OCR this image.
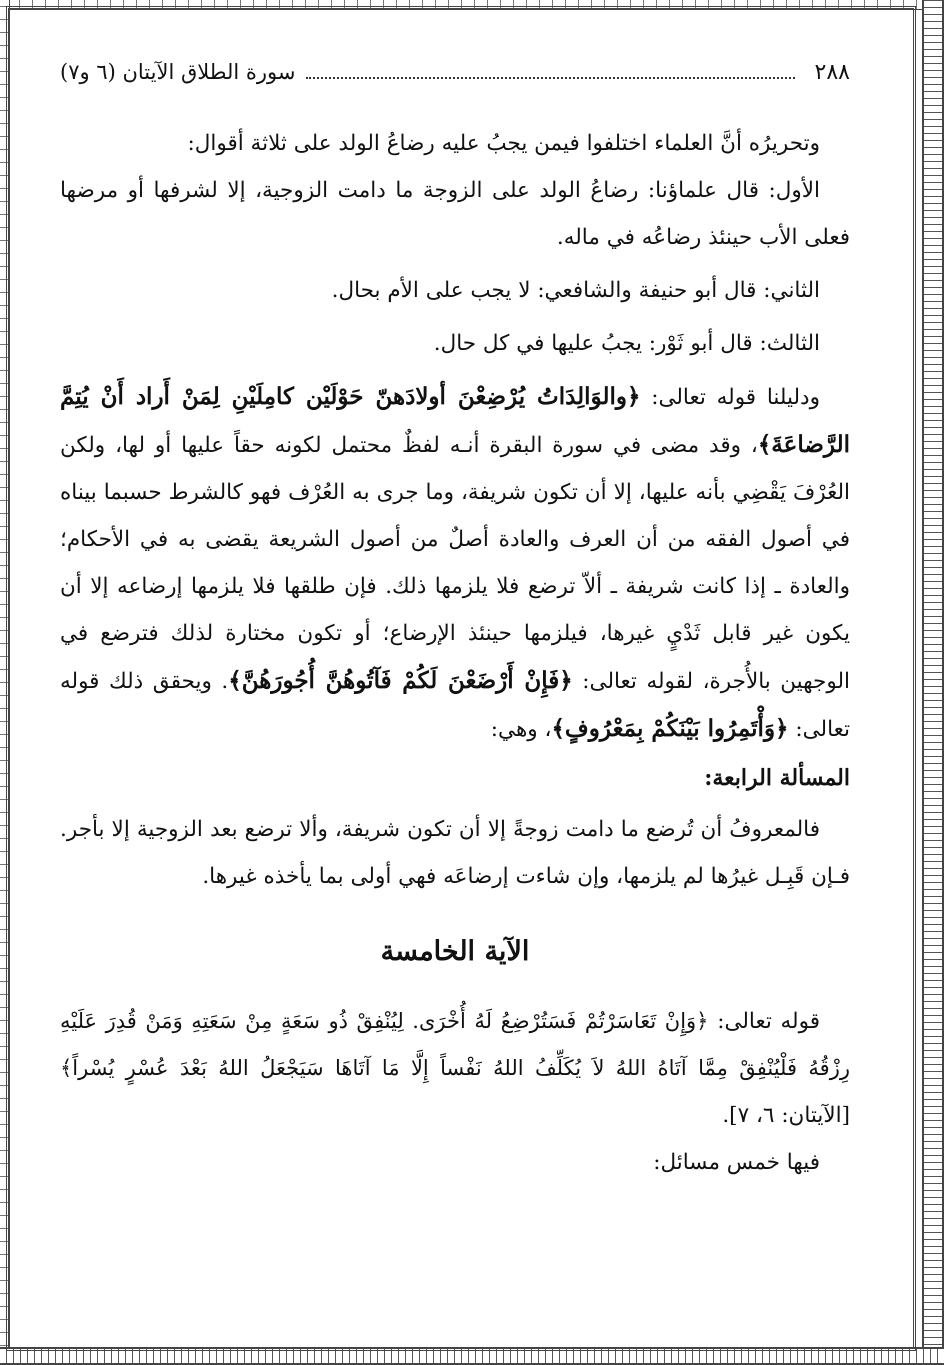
٢٨٨
سورة الطلاق الآيتان (٦ و٧)

وتحريرُه أنَّ العلماء اختلفوا فيمن يجبُ عليه رضاعُ الولد على ثلاثة أقوال:

الأول: قال علماؤنا: رضاعُ الولد على الزوجة ما دامت الزوجية، إلا لشرفها أو مرضها فعلى الأب حينئذ رضاعُه في ماله.

الثاني: قال أبو حنيفة والشافعي: لا يجب على الأم بحال.

الثالث: قال أبو ثَوْر: يجبُ عليها في كل حال.

ودليلنا قوله تعالى: ﴿والوَالِدَاتُ يُرْضِعْنَ أولادَهنّ حَوْلَيْن كامِلَيْنِ لِمَنْ أَراد أَنْ يُتِمَّ الرَّضاعَةَ﴾، وقد مضى في سورة البقرة أنـه لفظٌ محتمل لكونه حقاً عليها أو لها، ولكن العُرْفَ يَقْضِي بأنه عليها، إلا أن تكون شريفة، وما جرى به العُرْف فهو كالشرط حسبما بيناه في أصول الفقه من أن العرف والعادة أصلٌ من أصول الشريعة يقضى به في الأحكام؛ والعادة ـ إذا كانت شريفة ـ ألاّ ترضع فلا يلزمها ذلك. فإن طلقها فلا يلزمها إرضاعه إلا أن يكون غير قابل ثَدْيٍ غيرها، فيلزمها حينئذ الإرضاع؛ أو تكون مختارة لذلك فترضع في الوجهين بالأُجرة، لقوله تعالى: ﴿فَإِنْ أَرْضَعْنَ لَكُمْ فَآتُوهُنَّ أُجُورَهُنَّ﴾. ويحقق ذلك قوله تعالى: ﴿وَأْتَمِرُوا بَيْنَكُمْ بِمَعْرُوفٍ﴾، وهي:

المسألة الرابعة:

فالمعروفُ أن تُرضع ما دامت زوجةً إلا أن تكون شريفة، وألا ترضع بعد الزوجية إلا بأجر. فـإن قَبِـل غيرُها لم يلزمها، وإن شاءت إرضاعَه فهي أولى بما يأخذه غيرها.

الآية الخامسة

قوله تعالى: ﴿وَإِنْ تَعَاسَرْتُمْ فَسَتُرْضِعُ لَهُ أُخْرَى. لِيُنْفِقْ ذُو سَعَةٍ مِنْ سَعَتِهِ وَمَنْ قُدِرَ عَلَيْهِ رِزْقُهُ فَلْيُنْفِقْ مِمَّا آتَاهُ اللهُ لاَ يُكَلِّفُ اللهُ نَفْساً إِلَّا مَا آتَاهَا سَيَجْعَلُ اللهُ بَعْدَ عُسْرٍ يُسْراً﴾ [الآيتان: ٦، ٧].

فيها خمس مسائل:
